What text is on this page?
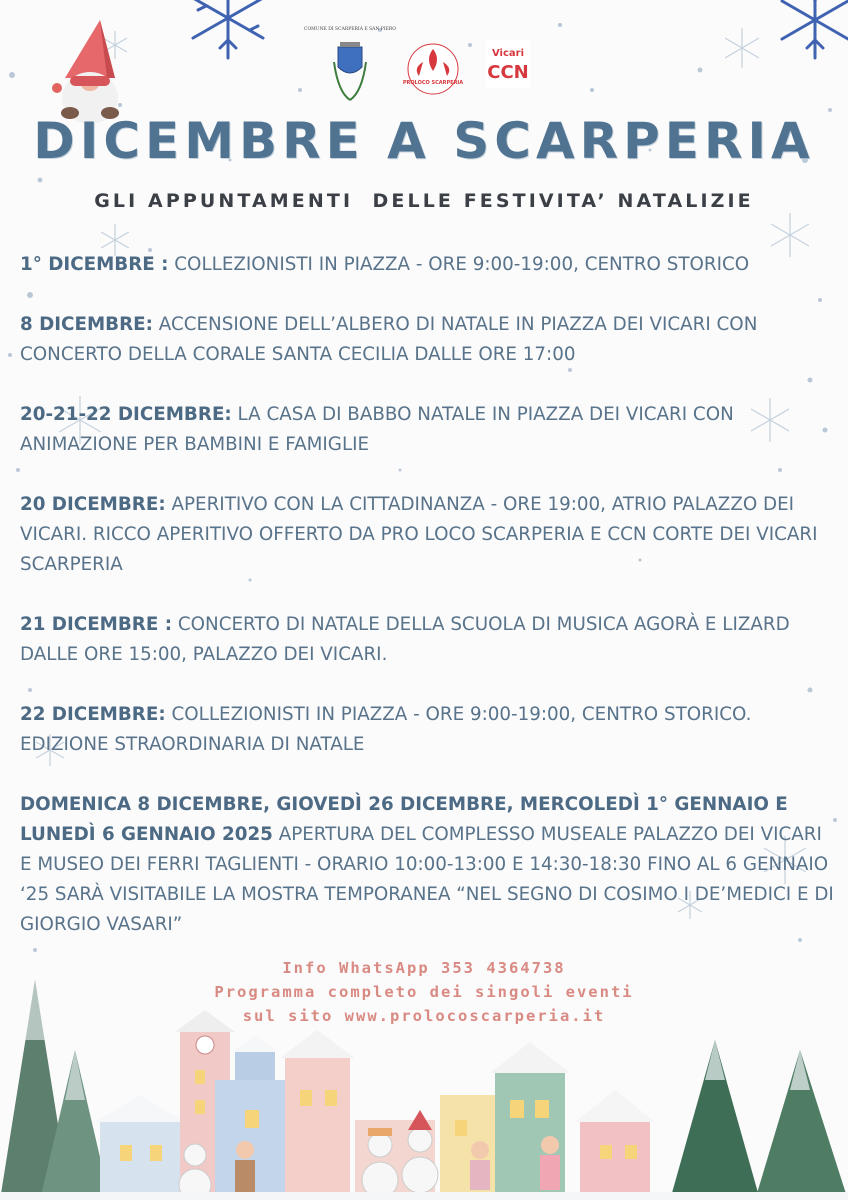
COMUNE DI SCARPERIA E SAN PIERO
PROLOCO SCARPERIA
Vicari
CCN
DICEMBRE A SCARPERIA
GLI APPUNTAMENTI  DELLE FESTIVITA’ NATALIZIE

1° DICEMBRE : COLLEZIONISTI IN PIAZZA - ORE 9:00-19:00, CENTRO STORICO

8 DICEMBRE: ACCENSIONE DELL’ALBERO DI NATALE IN PIAZZA DEI VICARI CON CONCERTO DELLA CORALE SANTA CECILIA DALLE ORE 17:00

20-21-22 DICEMBRE: LA CASA DI BABBO NATALE IN PIAZZA DEI VICARI CON ANIMAZIONE PER BAMBINI E FAMIGLIE

20 DICEMBRE: APERITIVO CON LA CITTADINANZA - ORE 19:00, ATRIO PALAZZO DEI VICARI. RICCO APERITIVO OFFERTO DA PRO LOCO SCARPERIA E CCN CORTE DEI VICARI SCARPERIA

21 DICEMBRE : CONCERTO DI NATALE DELLA SCUOLA DI MUSICA AGORÀ E LIZARD DALLE ORE 15:00, PALAZZO DEI VICARI.

22 DICEMBRE: COLLEZIONISTI IN PIAZZA - ORE 9:00-19:00, CENTRO STORICO. EDIZIONE STRAORDINARIA DI NATALE

DOMENICA 8 DICEMBRE, GIOVEDÌ 26 DICEMBRE, MERCOLEDÌ 1° GENNAIO E LUNEDÌ 6 GENNAIO 2025 APERTURA DEL COMPLESSO MUSEALE PALAZZO DEI VICARI E MUSEO DEI FERRI TAGLIENTI - ORARIO 10:00-13:00 E 14:30-18:30 FINO AL 6 GENNAIO ‘25 SARÀ VISITABILE LA MOSTRA TEMPORANEA “NEL SEGNO DI COSIMO I DE’MEDICI E DI GIORGIO VASARI”

Info WhatsApp 353 4364738
Programma completo dei singoli eventi
sul sito www.prolocoscarperia.it
